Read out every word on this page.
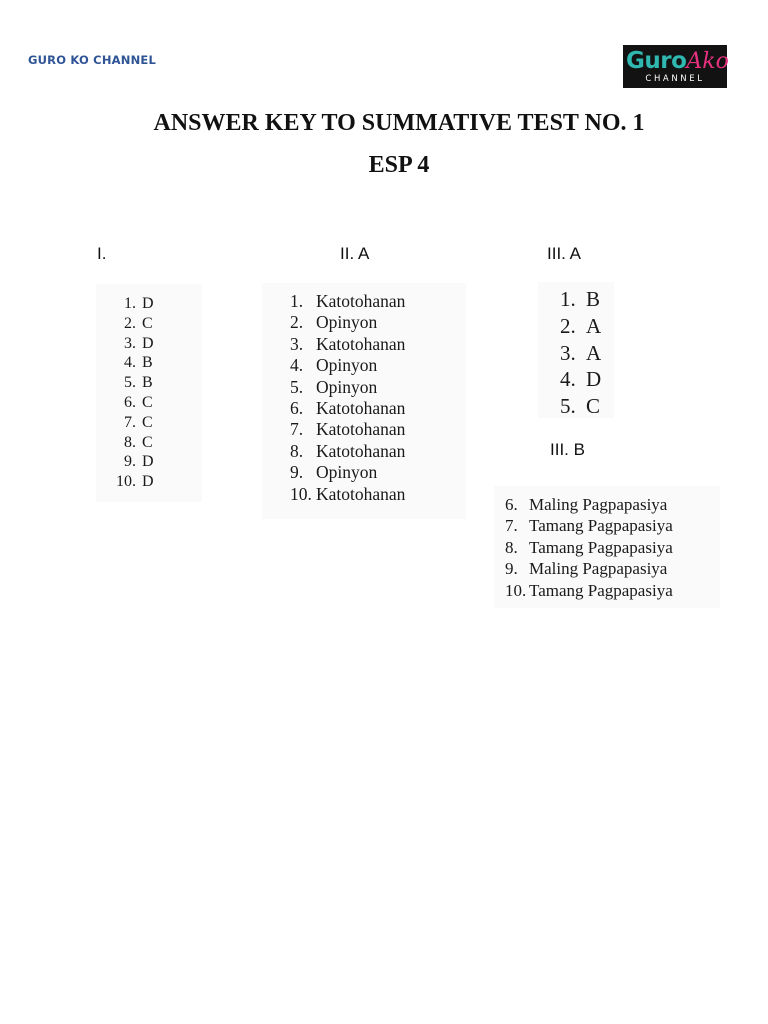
GURO KO CHANNEL	GuroAko
CHANNEL
ANSWER KEY TO SUMMATIVE TEST NO. 1
ESP 4
I.	II. A	III. A
III. B
1. D
2. C
3. D
4. B
5. B
6. C
7. C
8. C
9. D
10. D
1. Katotohanan
2. Opinyon
3. Katotohanan
4. Opinyon
5. Opinyon
6. Katotohanan
7. Katotohanan
8. Katotohanan
9. Opinyon
10. Katotohanan
1. B
2. A
3. A
4. D
5. C
6. Maling Pagpapasiya
7. Tamang Pagpapasiya
8. Tamang Pagpapasiya
9. Maling Pagpapasiya
10. Tamang Pagpapasiya
